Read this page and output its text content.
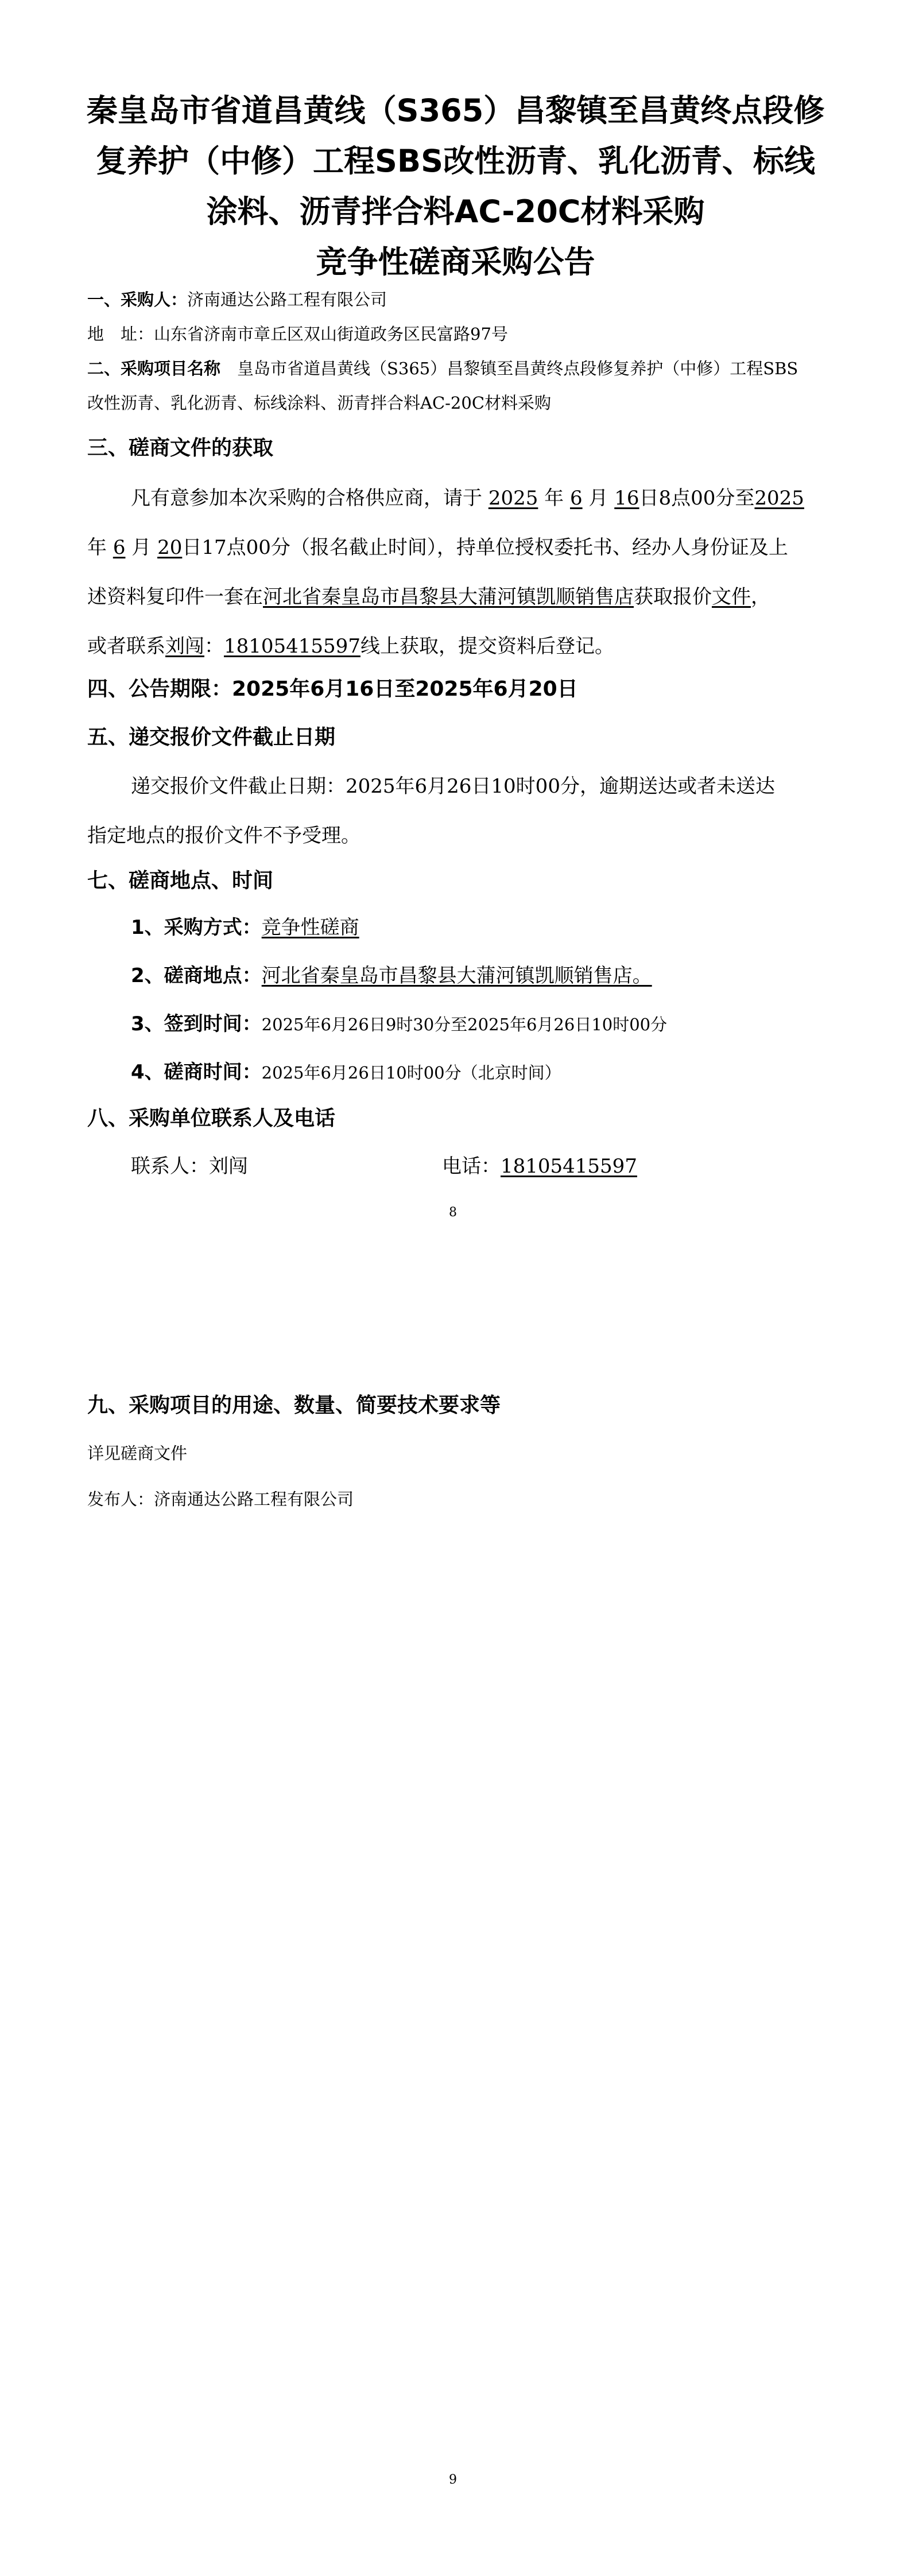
秦皇岛市省道昌黄线（S365）昌黎镇至昌黄终点段修
复养护（中修）工程SBS改性沥青、乳化沥青、标线
涂料、沥青拌合料AC-20C材料采购
竞争性磋商采购公告
一、采购人：济南通达公路工程有限公司
地　址：山东省济南市章丘区双山街道政务区民富路97号
二、采购项目名称　 皇岛市省道昌黄线（S365）昌黎镇至昌黄终点段修复养护（中修）工程SBS
改性沥青、乳化沥青、标线涂料、沥青拌合料AC-20C材料采购
三、磋商文件的获取
凡有意参加本次采购的合格供应商，请于 2025 年 6 月 16日8点00分至2025
年 6 月 20日17点00分（报名截止时间），持单位授权委托书、经办人身份证及上
述资料复印件一套在河北省秦皇岛市昌黎县大蒲河镇凯顺销售店获取报价文件，
或者联系刘闯：18105415597线上获取，提交资料后登记。
四、公告期限：2025年6月16日至2025年6月20日
五、递交报价文件截止日期
递交报价文件截止日期：2025年6月26日10时00分，逾期送达或者未送达
指定地点的报价文件不予受理。
七、磋商地点、时间
1、采购方式：竞争性磋商
2、磋商地点：河北省秦皇岛市昌黎县大蒲河镇凯顺销售店。
3、签到时间：2025年6月26日9时30分至2025年6月26日10时00分
4、磋商时间：2025年6月26日10时00分（北京时间）
八、采购单位联系人及电话
联系人：刘闯	电话：18105415597
8
九、采购项目的用途、数量、简要技术要求等
详见磋商文件
发布人：济南通达公路工程有限公司
9
